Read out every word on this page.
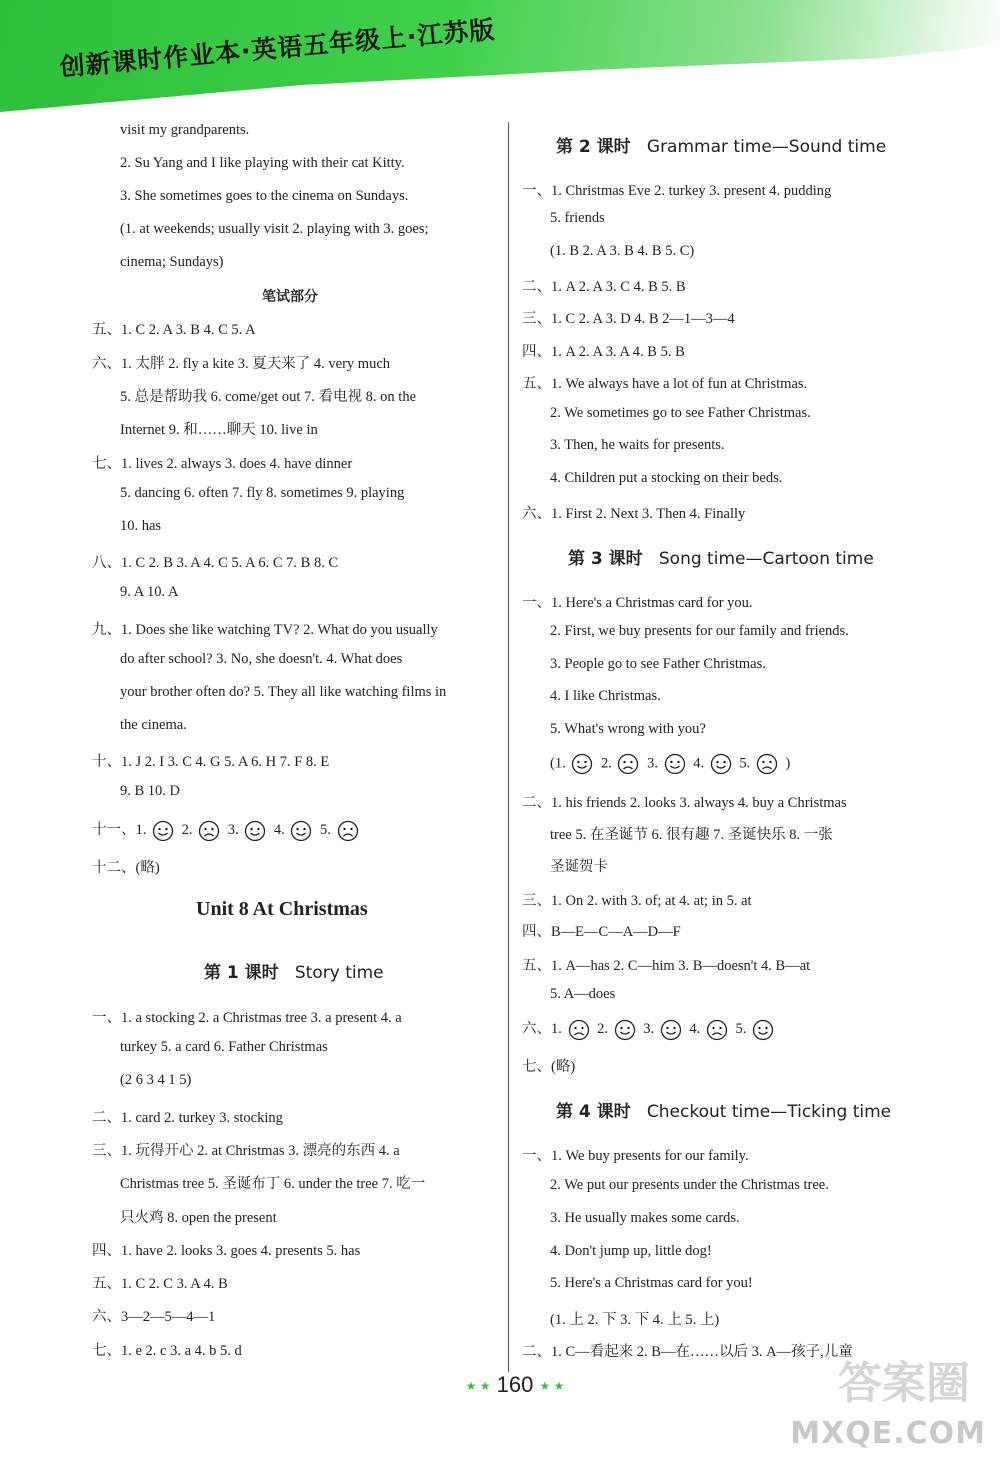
创新课时作业本·英语五年级上·江苏版
visit my grandparents.
2. Su Yang and I like playing with their cat Kitty.
3. She sometimes goes to the cinema on Sundays.
(1. at weekends; usually visit 2. playing with 3. goes;
cinema; Sundays)
笔试部分
五、1. C 2. A 3. B 4. C 5. A
六、1. 太胖 2. fly a kite 3. 夏天来了 4. very much
5. 总是帮助我 6. come/get out 7. 看电视 8. on the
Internet 9. 和……聊天 10. live in
七、1. lives 2. always 3. does 4. have dinner
5. dancing 6. often 7. fly 8. sometimes 9. playing
10. has
八、1. C 2. B 3. A 4. C 5. A 6. C 7. B 8. C
9. A 10. A
九、1. Does she like watching TV? 2. What do you usually
do after school? 3. No, she doesn't. 4. What does
your brother often do? 5. They all like watching films in
the cinema.
十、1. J 2. I 3. C 4. G 5. A 6. H 7. F 8. E
9. B 10. D
十一、1. 2. 3. 4. 5.
十二、(略)
Unit 8 At Christmas
第 1 课时 Story time
一、1. a stocking 2. a Christmas tree 3. a present 4. a
turkey 5. a card 6. Father Christmas
(2 6 3 4 1 5)
二、1. card 2. turkey 3. stocking
三、1. 玩得开心 2. at Christmas 3. 漂亮的东西 4. a
Christmas tree 5. 圣诞布丁 6. under the tree 7. 吃一
只火鸡 8. open the present
四、1. have 2. looks 3. goes 4. presents 5. has
五、1. C 2. C 3. A 4. B
六、3—2—5—4—1
七、1. e 2. c 3. a 4. b 5. d
第 2 课时 Grammar time—Sound time
一、1. Christmas Eve 2. turkey 3. present 4. pudding
5. friends
(1. B 2. A 3. B 4. B 5. C)
二、1. A 2. A 3. C 4. B 5. B
三、1. C 2. A 3. D 4. B 2—1—3—4
四、1. A 2. A 3. A 4. B 5. B
五、1. We always have a lot of fun at Christmas.
2. We sometimes go to see Father Christmas.
3. Then, he waits for presents.
4. Children put a stocking on their beds.
六、1. First 2. Next 3. Then 4. Finally
第 3 课时 Song time—Cartoon time
一、1. Here's a Christmas card for you.
2. First, we buy presents for our family and friends.
3. People go to see Father Christmas.
4. I like Christmas.
5. What's wrong with you?
(1. 2. 3. 4. 5. )
二、1. his friends 2. looks 3. always 4. buy a Christmas
tree 5. 在圣诞节 6. 很有趣 7. 圣诞快乐 8. 一张
圣诞贺卡
三、1. On 2. with 3. of; at 4. at; in 5. at
四、B—E—C—A—D—F
五、1. A—has 2. C—him 3. B—doesn't 4. B—at
5. A—does
六、1. 2. 3. 4. 5.
七、(略)
第 4 课时 Checkout time—Ticking time
一、1. We buy presents for our family.
2. We put our presents under the Christmas tree.
3. He usually makes some cards.
4. Don't jump up, little dog!
5. Here's a Christmas card for you!
(1. 上 2. 下 3. 下 4. 上 5. 上)
二、1. C—看起来 2. B—在……以后 3. A—孩子,儿童
★ ★ 160 ★ ★	答案圈
MXQE.COM
